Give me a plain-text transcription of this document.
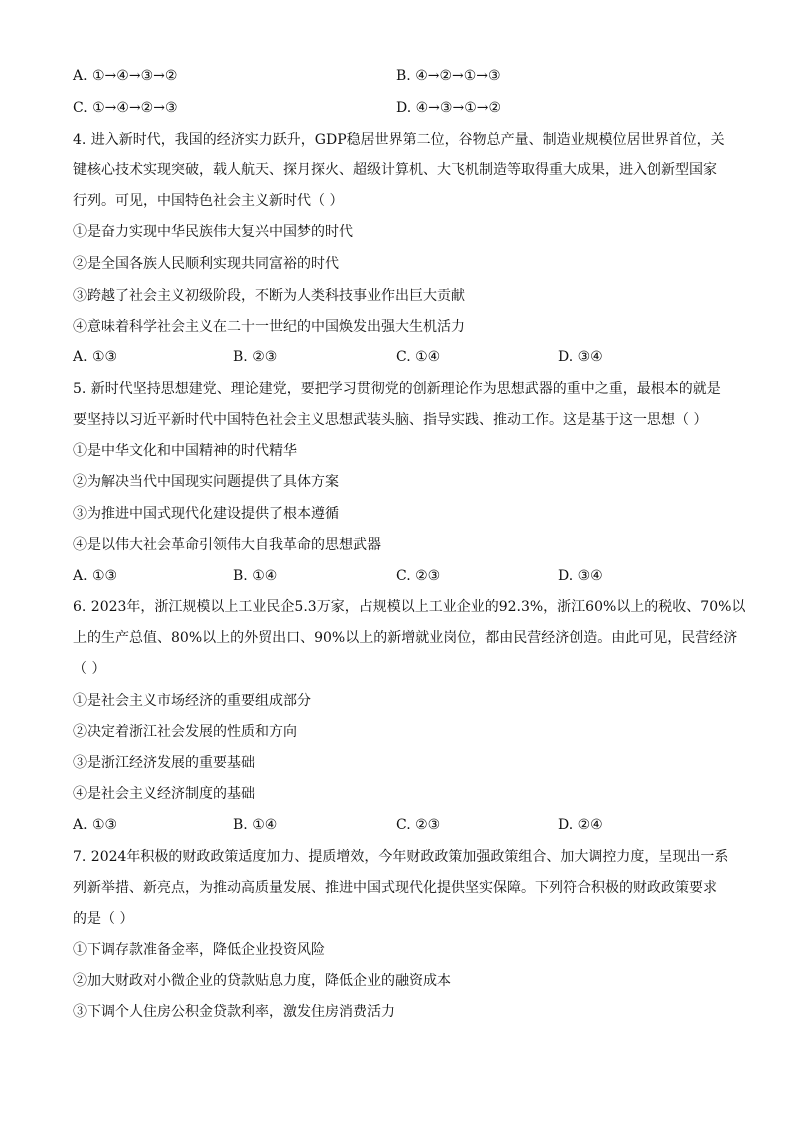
A. ①→④→③→②	B. ④→②→①→③
C. ①→④→②→③	D. ④→③→①→②
4. 进入新时代，我国的经济实力跃升，GDP稳居世界第二位，谷物总产量、制造业规模位居世界首位，关
键核心技术实现突破，载人航天、探月探火、超级计算机、大飞机制造等取得重大成果，进入创新型国家
行列。可见，中国特色社会主义新时代（ ）
①是奋力实现中华民族伟大复兴中国梦的时代
②是全国各族人民顺利实现共同富裕的时代
③跨越了社会主义初级阶段，不断为人类科技事业作出巨大贡献
④意味着科学社会主义在二十一世纪的中国焕发出强大生机活力
A. ①③	B. ②③	C. ①④	D. ③④
5. 新时代坚持思想建党、理论建党，要把学习贯彻党的创新理论作为思想武器的重中之重，最根本的就是
要坚持以习近平新时代中国特色社会主义思想武装头脑、指导实践、推动工作。这是基于这一思想（ ）
①是中华文化和中国精神的时代精华
②为解决当代中国现实问题提供了具体方案
③为推进中国式现代化建设提供了根本遵循
④是以伟大社会革命引领伟大自我革命的思想武器
A. ①③	B. ①④	C. ②③	D. ③④
6. 2023年，浙江规模以上工业民企5.3万家，占规模以上工业企业的92.3%，浙江60%以上的税收、70%以
上的生产总值、80%以上的外贸出口、90%以上的新增就业岗位，都由民营经济创造。由此可见，民营经济
（ ）
①是社会主义市场经济的重要组成部分
②决定着浙江社会发展的性质和方向
③是浙江经济发展的重要基础
④是社会主义经济制度的基础
A. ①③	B. ①④	C. ②③	D. ②④
7. 2024年积极的财政政策适度加力、提质增效，今年财政政策加强政策组合、加大调控力度，呈现出一系
列新举措、新亮点，为推动高质量发展、推进中国式现代化提供坚实保障。下列符合积极的财政政策要求
的是（ ）
①下调存款准备金率，降低企业投资风险
②加大财政对小微企业的贷款贴息力度，降低企业的融资成本
③下调个人住房公积金贷款利率，激发住房消费活力
